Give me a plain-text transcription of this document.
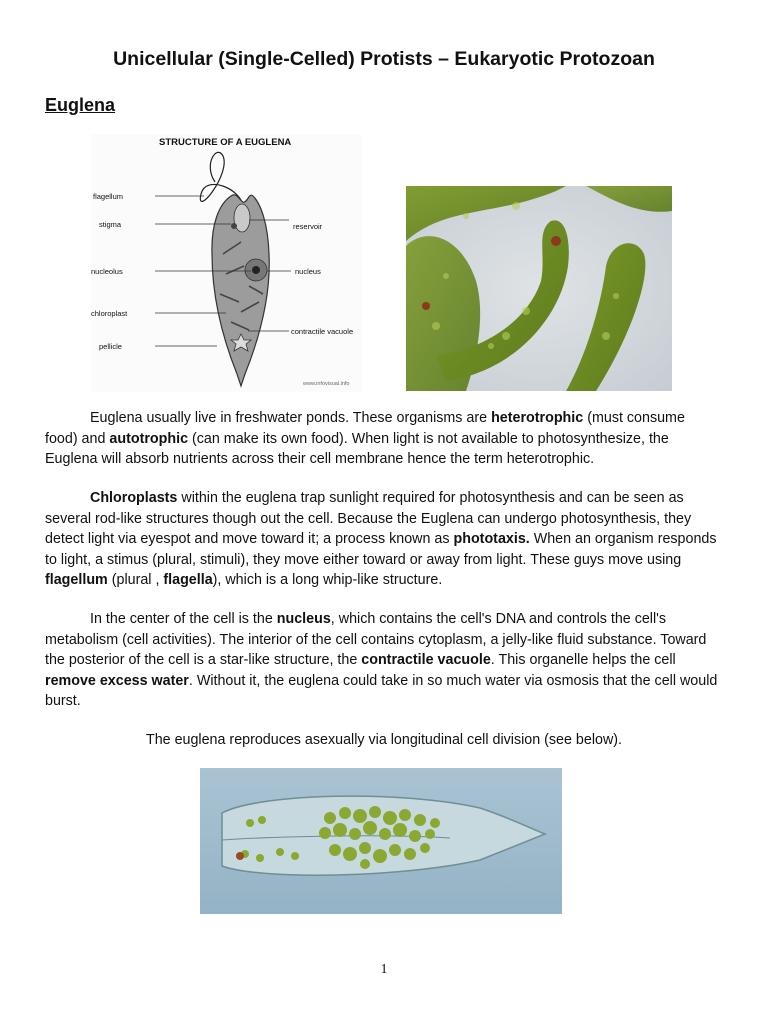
Unicellular (Single-Celled) Protists – Eukaryotic Protozoan
Euglena
STRUCTURE OF A EUGLENA
flagellum
stigma
nucleolus
chloroplast
pellicle
reservoir
nucleus
contractile vacuole
www.infovisual.info

Euglena usually live in freshwater ponds. These organisms are heterotrophic (must consume food) and autotrophic (can make its own food). When light is not available to photosynthesize, the Euglena will absorb nutrients across their cell membrane hence the term heterotrophic.

Chloroplasts within the euglena trap sunlight required for photosynthesis and can be seen as several rod-like structures though out the cell. Because the Euglena can undergo photosynthesis, they detect light via eyespot and move toward it; a process known as phototaxis. When an organism responds to light, a stimus (plural, stimuli), they move either toward or away from light. These guys move using flagellum (plural , flagella), which is a long whip-like structure.

In the center of the cell is the nucleus, which contains the cell's DNA and controls the cell's metabolism (cell activities). The interior of the cell contains cytoplasm, a jelly-like fluid substance. Toward the posterior of the cell is a star-like structure, the contractile vacuole. This organelle helps the cell remove excess water. Without it, the euglena could take in so much water via osmosis that the cell would burst.

The euglena reproduces asexually via longitudinal cell division (see below).
1
